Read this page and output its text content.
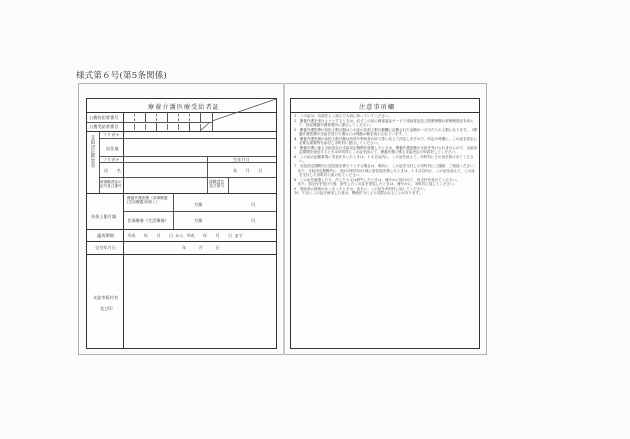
様式第６号(第5条関係)
療養介護医療受給者証
公費負担者番号
公費受給者番号
支給決定障害者
フリガナ
居住地
フリガナ	生年月日
氏　　名	年　　月　　日
被保険者証の記号及び番号
保険者名及び番号
負担上限月額
療養介護医療（食事療養(生活療養)を除く）	月額	円
食事療養（生活療養）	月額	円
適用期間	平成　　年　　月　　日 から 平成　　年　　月　　日 まで
交付年月日	年　　　月　　　日
支給市町村名
及び印
注意事項欄
1　この証は、各面をよく読んで大切に持っていてください。
2　療養介護を受けようとするときは、必ずこの証に障害福祉サービス受給者証及び医療保険の被保険者証を添えて、指定療養介護事業所に提示してください。
3　療養介護医療の負担上限月額はこの証の負担上限月額欄に記載された金額が一月当たりの上限になります。（療養介護医療の支給を受けた場合には残額の額を表示されています。）
4　療養介護医療の負担上限月額は所得や利用者の収入等に応じて決定しますので、所定の時期に、この証を認定に必要な書類等を添付し市町村に提出してください。
5　療養介護に係る支給決定の支給決定期間を経過したときは、療養介護医療の支給を受けられませんので、支給決定期間を延長するときは市町村にこの証を添えて、療養介護に係る支給決定の申請をしてください。
6　この証の記載事項に変更があったときは、１４日以内に、この証を添えて、市町村にその旨を届け出てください。
7　支給決定期間内に居住地を移そうとする場合は、事前に、この証を交付した市町村にご連絡、ご相談ください。
　また、支給決定期間内に、他の市町村の区域に居住地を移したときは、１４日以内に、この証を添えて、この証を交付した市町村に届け出てください。
8　この証を破損したり、汚したり又は紛失したときは、速やかに届け出て、再交付を受けてください。
　また、再交付を受けた後、紛失したこの証を発見したときは、速やかに、市町村に返してください。
9　受給者の資格がなくなったときは、直ちに、この証を市町村に返してください。
10　不正にこの証を使用した者は、関係法令により処罰されることがあります。
